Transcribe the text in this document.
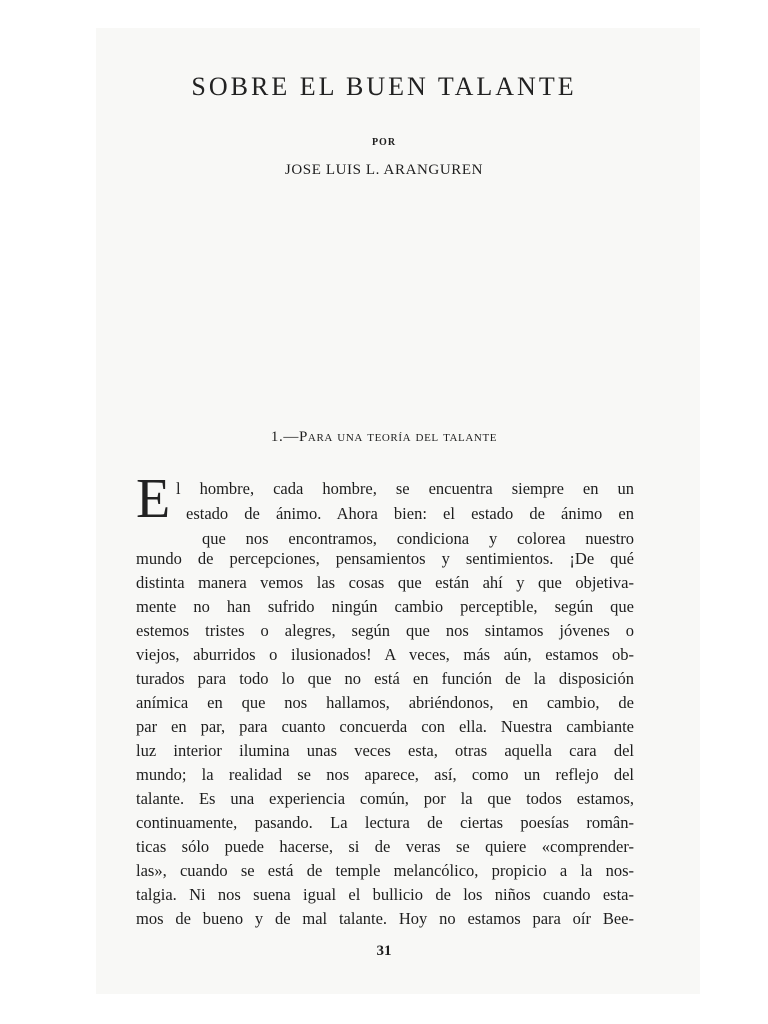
SOBRE EL BUEN TALANTE
POR
JOSE LUIS L. ARANGUREN
1.—Para una teoría del talante
E l hombre, cada hombre, se encuentra siempre en un
estado de ánimo. Ahora bien: el estado de ánimo en
que nos encontramos, condiciona y colorea nuestro
mundo de percepciones, pensamientos y sentimientos. ¡De qué
distinta manera vemos las cosas que están ahí y que objetiva-
mente no han sufrido ningún cambio perceptible, según que
estemos tristes o alegres, según que nos sintamos jóvenes o
viejos, aburridos o ilusionados! A veces, más aún, estamos ob-
turados para todo lo que no está en función de la disposición
anímica en que nos hallamos, abriéndonos, en cambio, de
par en par, para cuanto concuerda con ella. Nuestra cambiante
luz interior ilumina unas veces esta, otras aquella cara del
mundo; la realidad se nos aparece, así, como un reflejo del
talante. Es una experiencia común, por la que todos estamos,
continuamente, pasando. La lectura de ciertas poesías român-
ticas sólo puede hacerse, si de veras se quiere «comprender-
las», cuando se está de temple melancólico, propicio a la nos-
talgia. Ni nos suena igual el bullicio de los niños cuando esta-
mos de bueno y de mal talante. Hoy no estamos para oír Bee-
31
